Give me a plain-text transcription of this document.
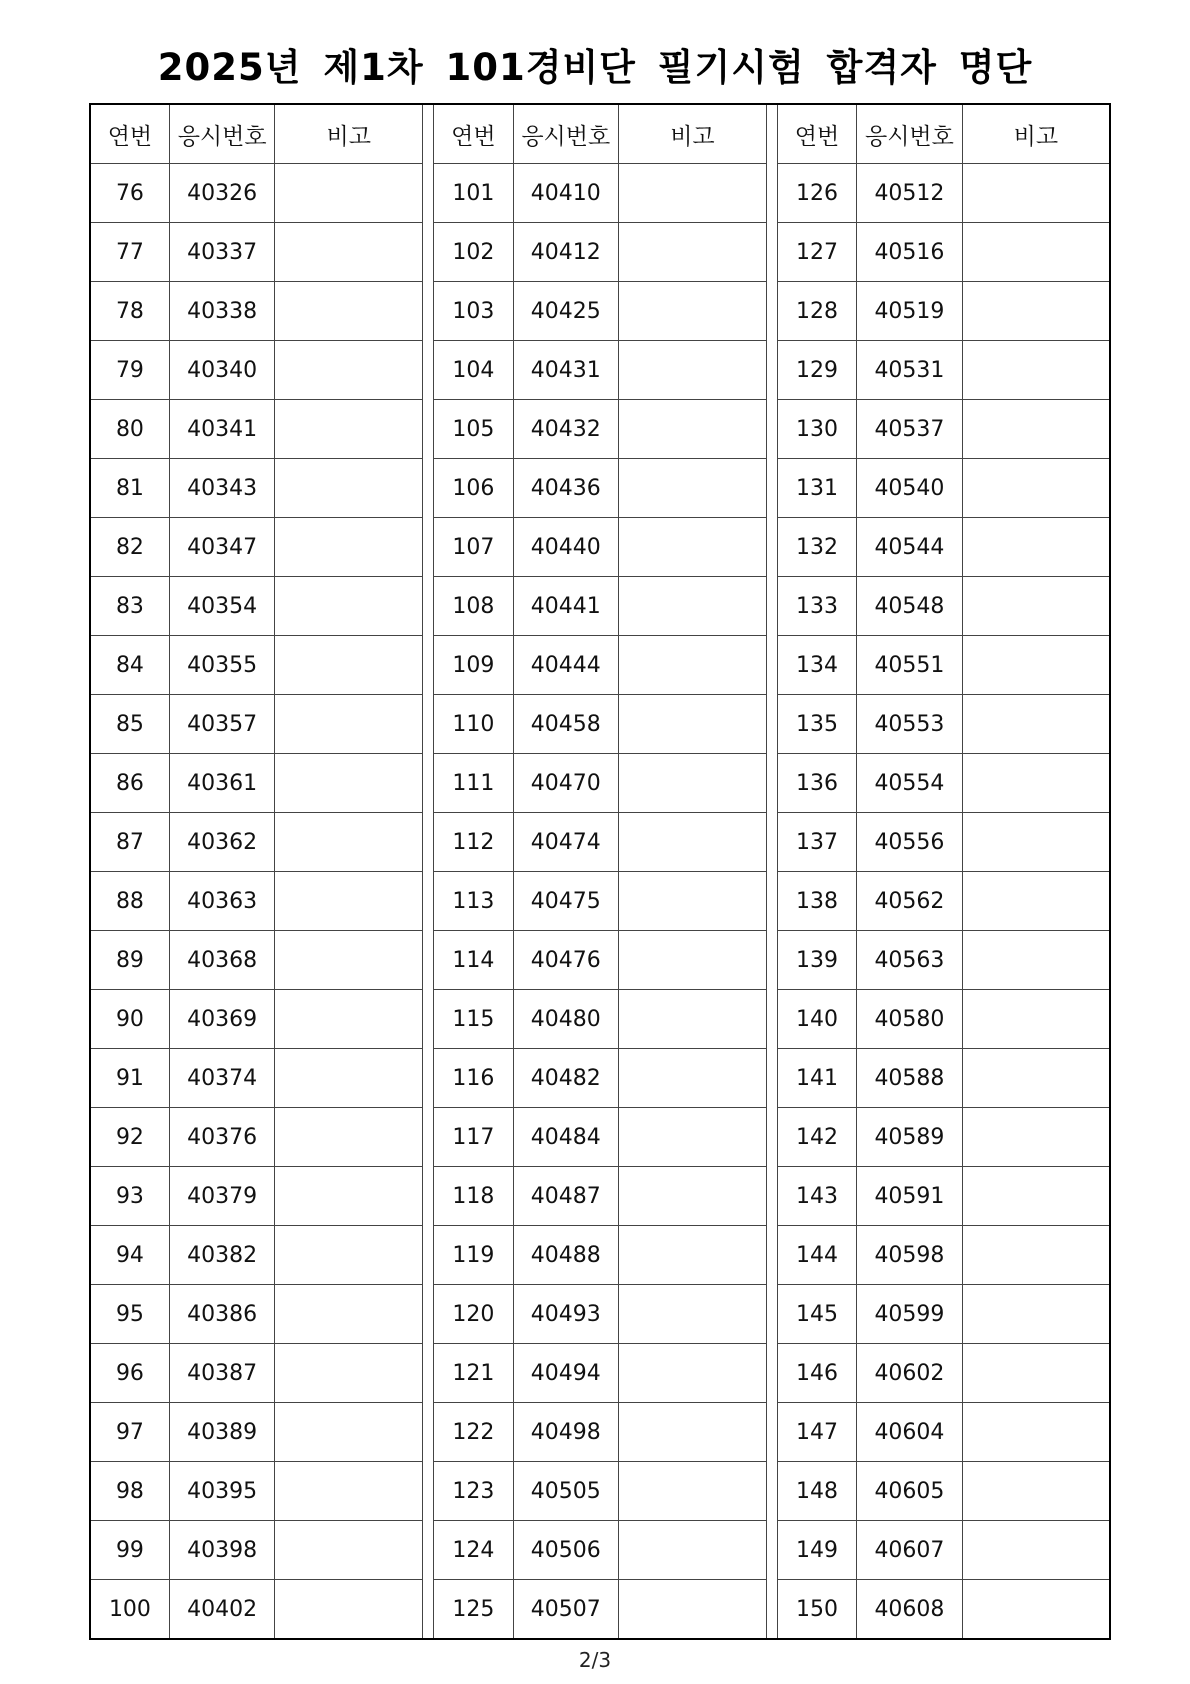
2025년 제1차 101경비단 필기시험 합격자 명단
연번	응시번호	비고		연번	응시번호	비고		연번	응시번호	비고
76	40326			101	40410			126	40512	
77	40337			102	40412			127	40516	
78	40338			103	40425			128	40519	
79	40340			104	40431			129	40531	
80	40341			105	40432			130	40537	
81	40343			106	40436			131	40540	
82	40347			107	40440			132	40544	
83	40354			108	40441			133	40548	
84	40355			109	40444			134	40551	
85	40357			110	40458			135	40553	
86	40361			111	40470			136	40554	
87	40362			112	40474			137	40556	
88	40363			113	40475			138	40562	
89	40368			114	40476			139	40563	
90	40369			115	40480			140	40580	
91	40374			116	40482			141	40588	
92	40376			117	40484			142	40589	
93	40379			118	40487			143	40591	
94	40382			119	40488			144	40598	
95	40386			120	40493			145	40599	
96	40387			121	40494			146	40602	
97	40389			122	40498			147	40604	
98	40395			123	40505			148	40605	
99	40398			124	40506			149	40607	
100	40402			125	40507			150	40608	
2/3
